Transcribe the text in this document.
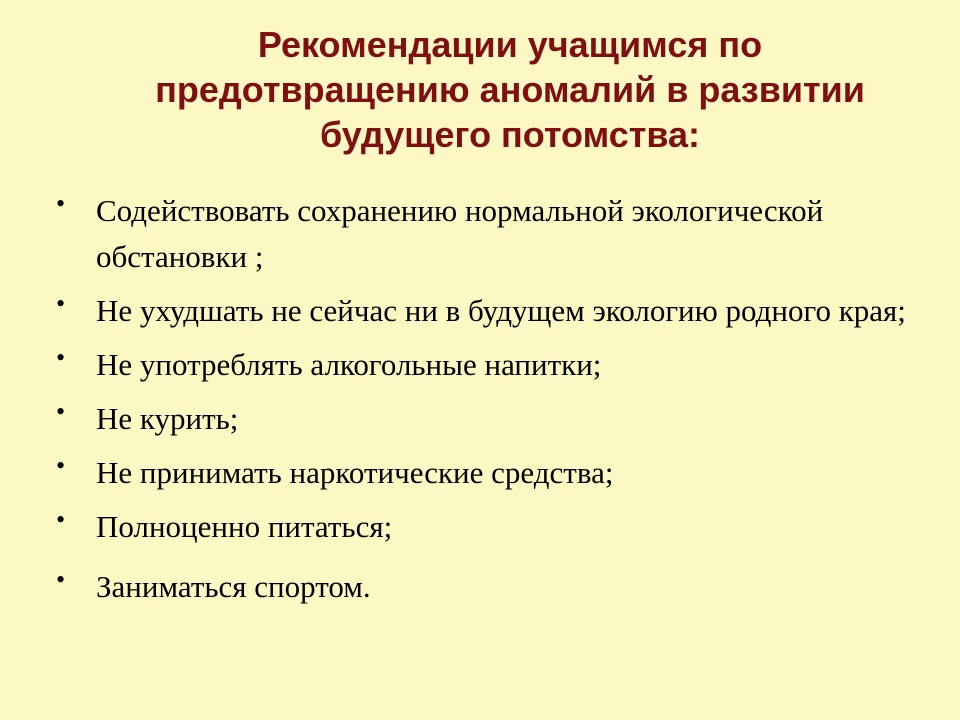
Рекомендации учащимся по
предотвращению аномалий в развитии
будущего потомства:
• Содействовать сохранению нормальной экологической обстановки ;
• Не ухудшать не сейчас ни в будущем экологию родного края;
• Не употреблять алкогольные напитки;
• Не курить;
• Не принимать наркотические средства;
• Полноценно питаться;
• Заниматься спортом.
